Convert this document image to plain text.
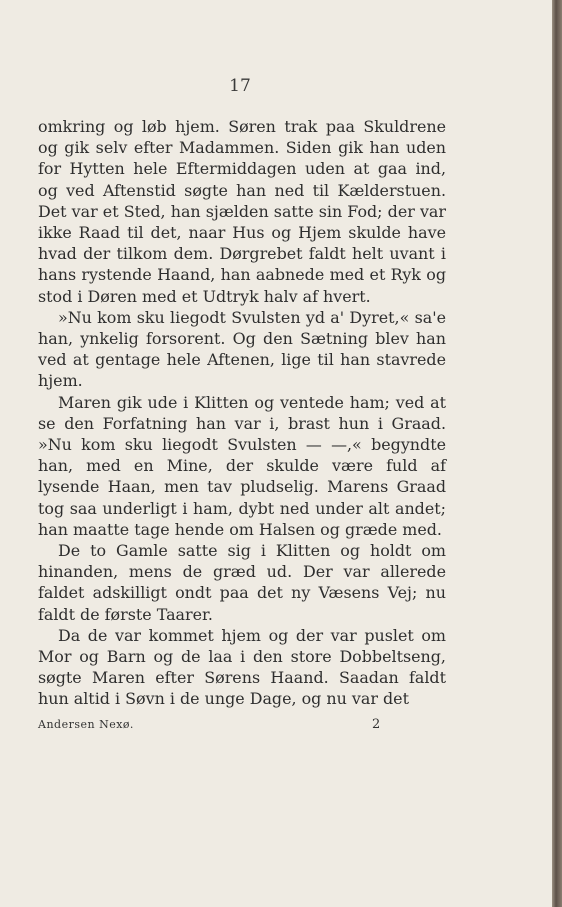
17

omkring og løb hjem. Søren trak paa Skuldrene og gik selv efter Madammen. Siden gik han uden for Hytten hele Eftermiddagen uden at gaa ind, og ved Aftenstid søgte han ned til Kælderstuen. Det var et Sted, han sjælden satte sin Fod; der var ikke Raad til det, naar Hus og Hjem skulde have hvad der tilkom dem. Dørgrebet faldt helt uvant i hans rystende Haand, han aabnede med et Ryk og stod i Døren med et Udtryk halv af hvert.

»Nu kom sku liegodt Svulsten yd a' Dyret,« sa'e han, ynkelig forsorent. Og den Sætning blev han ved at gentage hele Aftenen, lige til han stavrede hjem.

Maren gik ude i Klitten og ventede ham; ved at se den Forfatning han var i, brast hun i Graad. »Nu kom sku liegodt Svulsten — —,« begyndte han, med en Mine, der skulde være fuld af lysende Haan, men tav pludselig. Marens Graad tog saa underligt i ham, dybt ned under alt andet; han maatte tage hende om Halsen og græde med.

De to Gamle satte sig i Klitten og holdt om hinanden, mens de græd ud. Der var allerede faldet adskilligt ondt paa det ny Væsens Vej; nu faldt de første Taarer.

Da de var kommet hjem og der var puslet om Mor og Barn og de laa i den store Dobbeltseng, søgte Maren efter Sørens Haand. Saadan faldt hun altid i Søvn i de unge Dage, og nu var det

Andersen Nexø.	2
